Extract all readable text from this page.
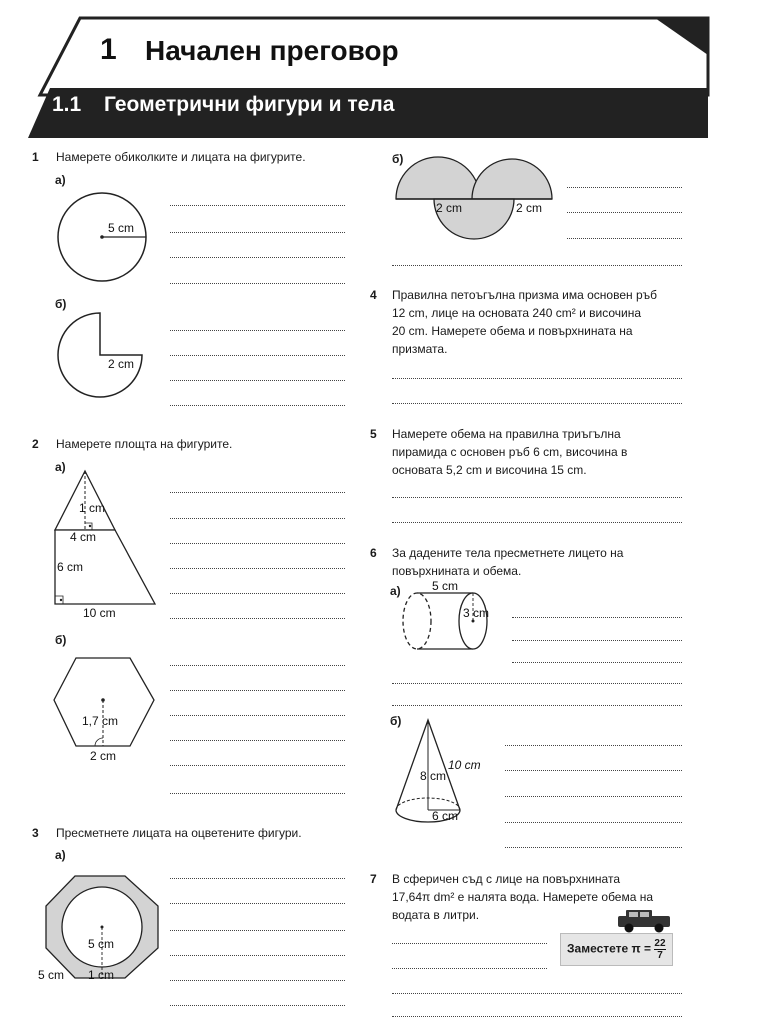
1 Начален преговор
1.1 Геометрични фигури и тела
1 Намерете обиколките и лицата на фигурите.
а)
5 cm
б)
2 cm
б)
2 cm	2 cm
4 Правилна петоъгълна призма има основен ръб
12 cm, лице на основата 240 cm² и височина
20 cm. Намерете обема и повърхнината на
призмата.
5 Намерете обема на правилна триъгълна
пирамида с основен ръб 6 cm, височина в
основата 5,2 cm и височина 15 cm.
2 Намерете площта на фигурите.
а)
1 cm
4 cm
6 cm
10 cm
б)
1,7 cm
2 cm
6 За дадените тела пресметнете лицето на
повърхнината и обема.
а)	5 cm
3 cm
б)
8 cm
10 cm
6 cm
3 Пресметнете лицата на оцветените фигури.
а)
5 cm
5 cm 1 cm
7 В сферичен съд с лице на повърхнината
17,64π dm² е налята вода. Намерете обема на
водата в литри.
Заместете $\pi = \frac{22}{7}$
